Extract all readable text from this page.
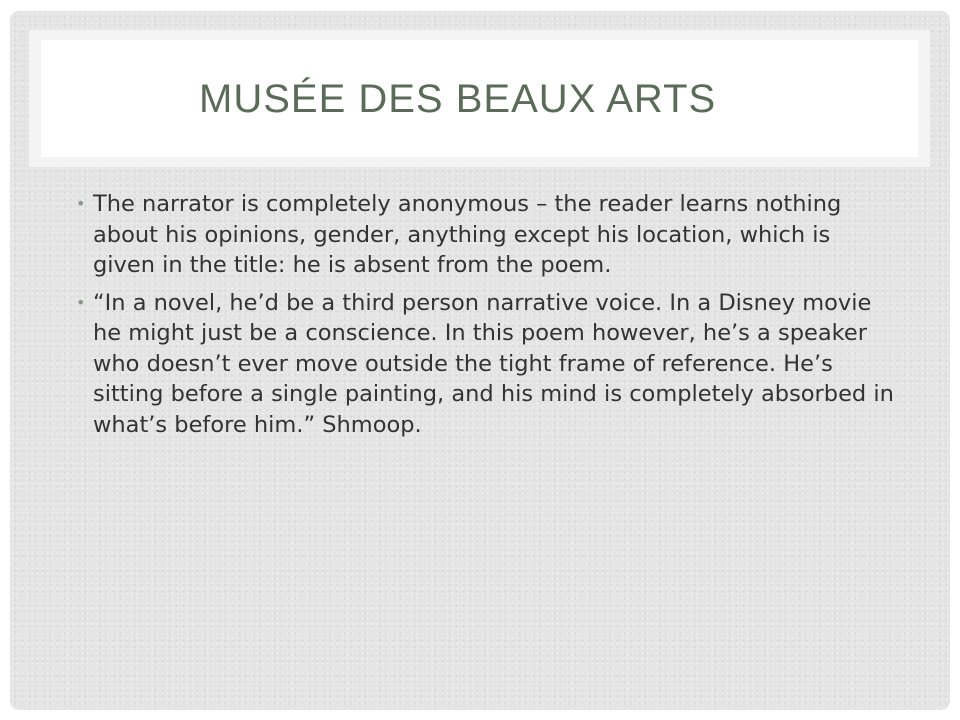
MUSÉE DES BEAUX ARTS
• The narrator is completely anonymous – the reader learns nothing about his opinions, gender, anything except his location, which is given in the title: he is absent from the poem.
• “In a novel, he’d be a third person narrative voice. In a Disney movie he might just be a conscience. In this poem however, he’s a speaker who doesn’t ever move outside the tight frame of reference. He’s sitting before a single painting, and his mind is completely absorbed in what’s before him.” Shmoop.
